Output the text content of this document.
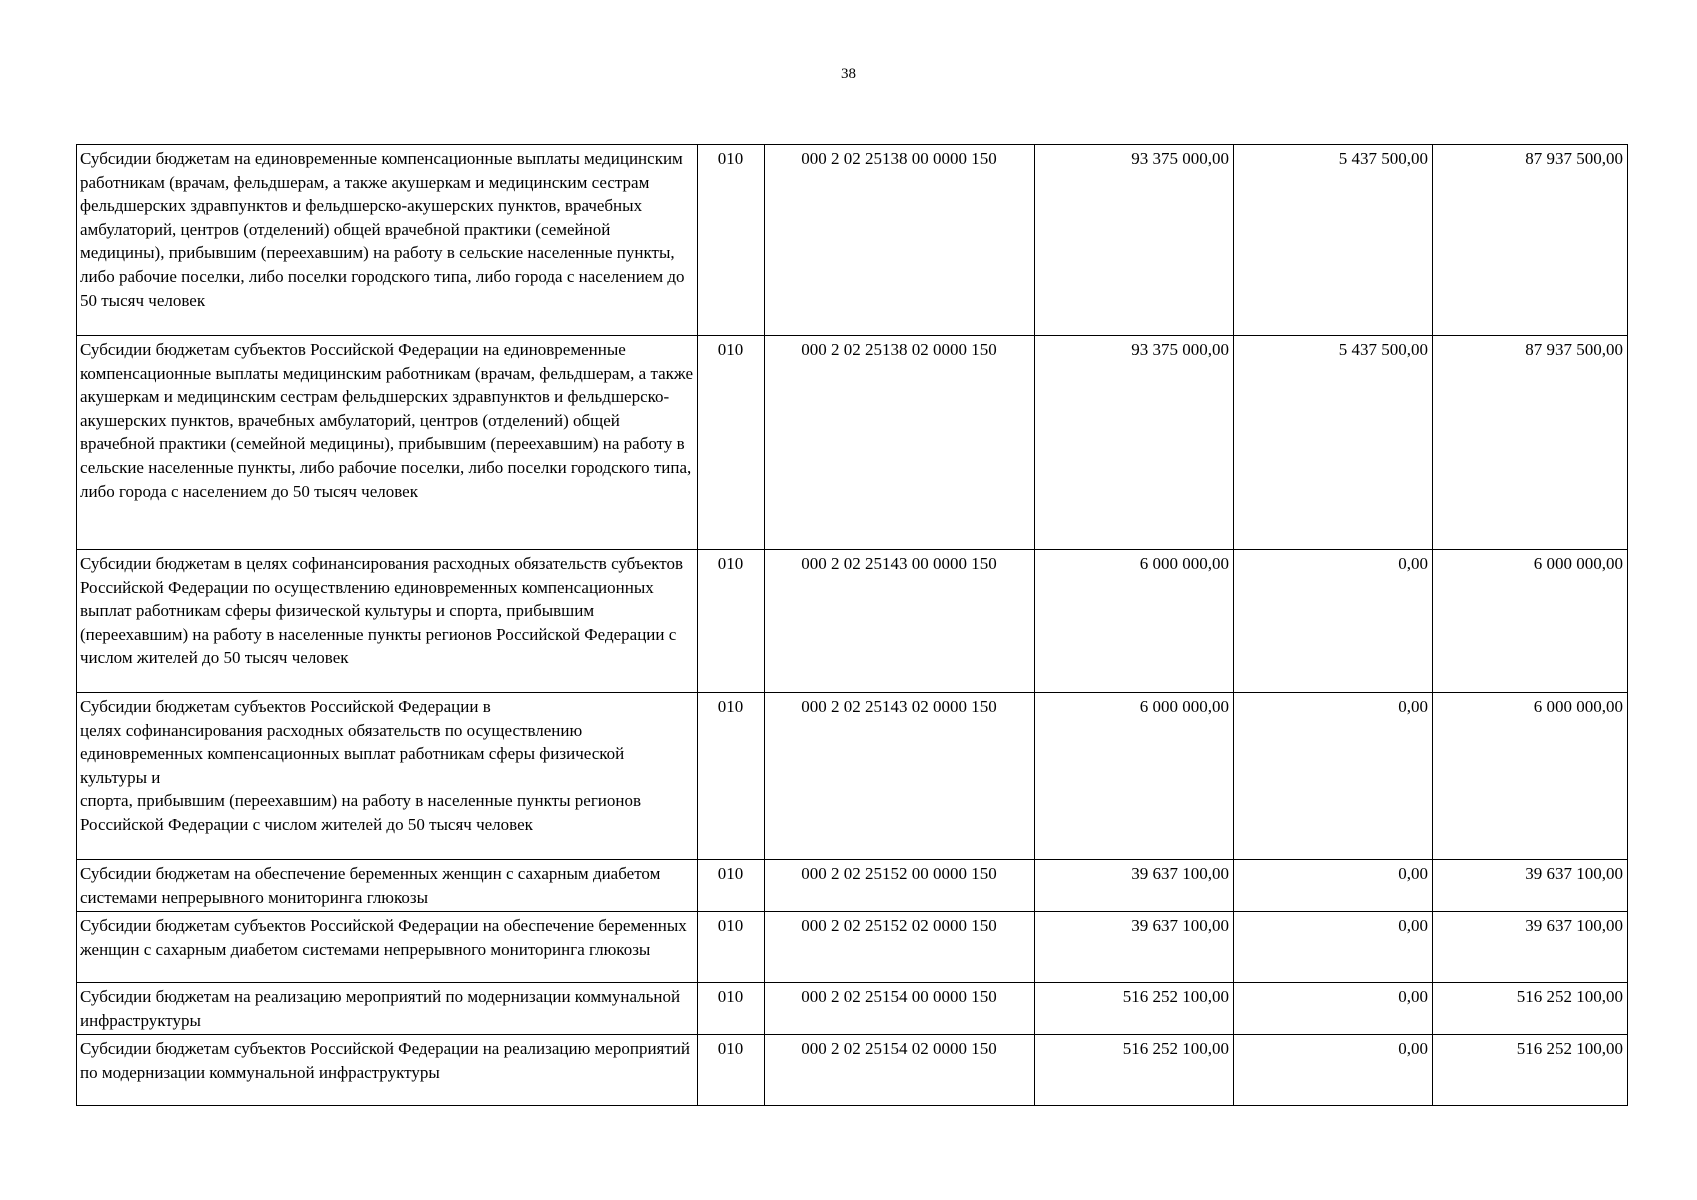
38
Субсидии бюджетам на единовременные компенсационные выплаты медицинским работникам (врачам, фельдшерам, а также акушеркам и медицинским сестрам фельдшерских здравпунктов и фельдшерско-акушерских пунктов, врачебных амбулаторий, центров (отделений) общей врачебной практики (семейной медицины), прибывшим (переехавшим) на работу в сельские населенные пункты, либо рабочие поселки, либо поселки городского типа, либо города с населением до 50 тысяч человек	010	000 2 02 25138 00 0000 150	93 375 000,00	5 437 500,00	87 937 500,00
Субсидии бюджетам субъектов Российской Федерации на единовременные компенсационные выплаты медицинским работникам (врачам, фельдшерам, а также акушеркам и медицинским сестрам фельдшерских здравпунктов и фельдшерско-акушерских пунктов, врачебных амбулаторий, центров (отделений) общей врачебной практики (семейной медицины), прибывшим (переехавшим) на работу в сельские населенные пункты, либо рабочие поселки, либо поселки городского типа, либо города с населением до 50 тысяч человек	010	000 2 02 25138 02 0000 150	93 375 000,00	5 437 500,00	87 937 500,00
Субсидии бюджетам в целях софинансирования расходных обязательств субъектов Российской Федерации по осуществлению единовременных компенсационных выплат работникам сферы физической культуры и спорта, прибывшим (переехавшим) на работу в населенные пункты регионов Российской Федерации с числом жителей до 50 тысяч человек	010	000 2 02 25143 00 0000 150	6 000 000,00	0,00	6 000 000,00
Субсидии бюджетам субъектов Российской Федерации в
целях софинансирования расходных обязательств по осуществлению единовременных компенсационных выплат работникам сферы физической культуры и
спорта, прибывшим (переехавшим) на работу в населенные пункты регионов
Российской Федерации с числом жителей до 50 тысяч человек	010	000 2 02 25143 02 0000 150	6 000 000,00	0,00	6 000 000,00
Субсидии бюджетам на обеспечение беременных женщин с сахарным диабетом системами непрерывного мониторинга глюкозы	010	000 2 02 25152 00 0000 150	39 637 100,00	0,00	39 637 100,00
Субсидии бюджетам субъектов Российской Федерации на обеспечение беременных женщин с сахарным диабетом системами непрерывного мониторинга глюкозы	010	000 2 02 25152 02 0000 150	39 637 100,00	0,00	39 637 100,00
Субсидии бюджетам на реализацию мероприятий по модернизации коммунальной инфраструктуры	010	000 2 02 25154 00 0000 150	516 252 100,00	0,00	516 252 100,00
Субсидии бюджетам субъектов Российской Федерации на реализацию мероприятий по модернизации коммунальной инфраструктуры	010	000 2 02 25154 02 0000 150	516 252 100,00	0,00	516 252 100,00
